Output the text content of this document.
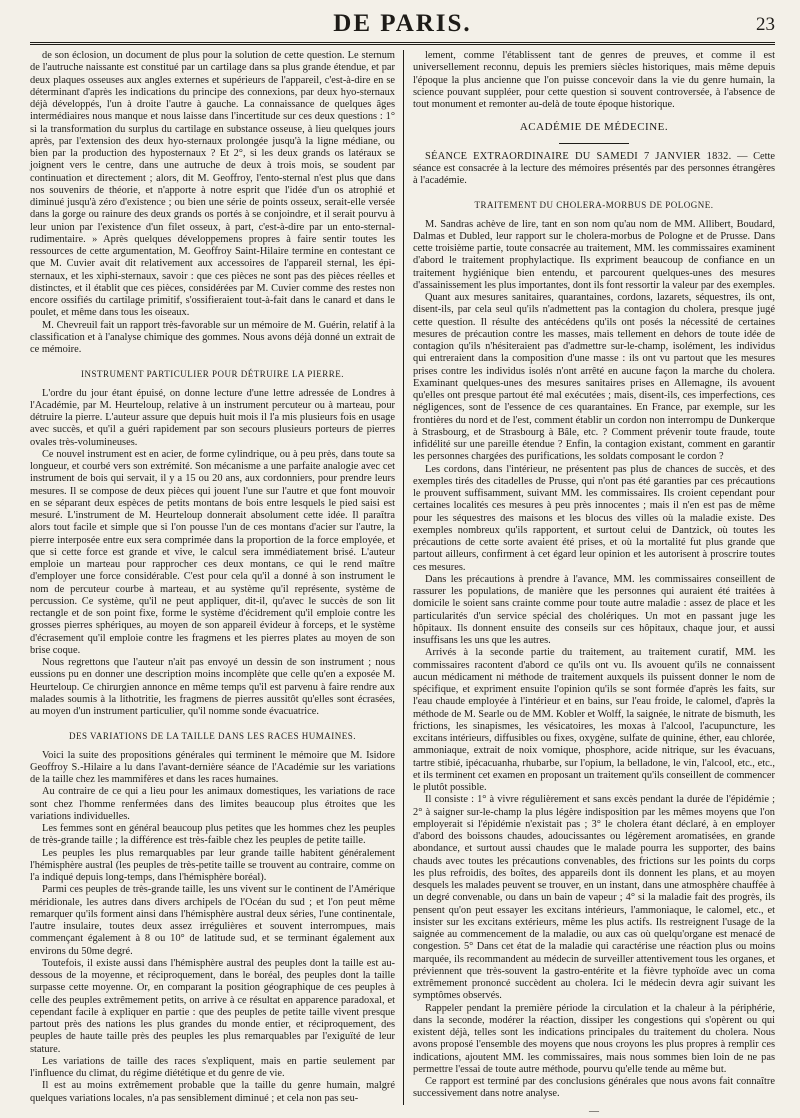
DE PARIS.	23

de son éclosion, un document de plus pour la solution de cette question. Le sternum de l'autruche naissante est constitué par un cartilage dans sa plus grande étendue, et par deux plaques osseuses aux angles externes et supérieurs de l'appareil, c'est-à-dire en se déterminant d'après les indications du principe des connexions, par deux hyo-sternaux déjà développés, l'un à droite l'autre à gauche. La connaissance de quelques âges intermédiaires nous manque et nous laisse dans l'incertitude sur ces deux questions : 1° si la transformation du surplus du cartilage en substance osseuse, à lieu quelques jours après, par l'extension des deux hyo-sternaux prolongée jusqu'à la ligne médiane, ou bien par la production des hyposternaux ? Et 2°, si les deux grands os latéraux se joignent vers le centre, dans une autruche de deux à trois mois, se soudent par continuation et directement ; alors, dit M. Geoffroy, l'ento-sternal n'est plus que dans nos souvenirs de théorie, et n'apporte à notre esprit que l'idée d'un os atrophié et diminué jusqu'à zéro d'existence ; ou bien une série de points osseux, serait-elle versée dans la gorge ou rainure des deux grands os portés à se conjoindre, et il serait pourvu à leur union par l'existence d'un filet osseux, à part, c'est-à-dire par un ento-sternal-rudimentaire. » Après quelques développemens propres à faire sentir toutes les ressources de cette argumentation, M. Geoffroy Saint-Hilaire termine en contestant ce que M. Cuvier avait dit relativement aux accessoires de l'appareil sternal, les épi-sternaux, et les xiphi-sternaux, savoir : que ces pièces ne sont pas des pièces réelles et distinctes, et il établit que ces pièces, considérées par M. Cuvier comme des restes non encore ossifiés du cartilage primitif, s'ossifieraient tout-à-fait dans le canard et dans le poulet, et même dans tous les oiseaux.

M. Chevreuil fait un rapport très-favorable sur un mémoire de M. Guérin, relatif à la classification et à l'analyse chimique des gommes. Nous avons déjà donné un extrait de ce mémoire.

INSTRUMENT PARTICULIER POUR DÉTRUIRE LA PIERRE.

L'ordre du jour étant épuisé, on donne lecture d'une lettre adressée de Londres à l'Académie, par M. Heurteloup, relative à un instrument percuteur ou à marteau, pour détruire la pierre. L'auteur assure que depuis huit mois il l'a mis plusieurs fois en usage avec succès, et qu'il a guéri rapidement par son secours plusieurs porteurs de pierres ovales très-volumineuses.

Ce nouvel instrument est en acier, de forme cylindrique, ou à peu près, dans toute sa longueur, et courbé vers son extrémité. Son mécanisme a une parfaite analogie avec cet instrument de bois qui servait, il y a 15 ou 20 ans, aux cordonniers, pour prendre leurs mesures. Il se compose de deux pièces qui jouent l'une sur l'autre et que font mouvoir en se séparant deux espèces de petits montans de bois entre lesquels le pied saisi est mesuré. L'instrument de M. Heurteloup donnerait absolument cette idée. Il paraîtra alors tout facile et simple que si l'on pousse l'un de ces montans d'acier sur l'autre, la pierre interposée entre eux sera comprimée dans la proportion de la force employée, et que si cette force est grande et vive, le calcul sera immédiatement brisé. L'auteur emploie un marteau pour rapprocher ces deux montans, ce qui le rend maître d'employer une force considérable. C'est pour cela qu'il a donné à son instrument le nom de percuteur courbe à marteau, et au système qu'il représente, système de percussion. Ce système, qu'il ne peut appliquer, dit-il, qu'avec le succès de son lit rectangle et de son point fixe, forme le système d'écidrement qu'il emploie contre les grosses pierres sphériques, au moyen de son appareil évideur à forceps, et le système d'écrasement qu'il emploie contre les fragmens et les pierres plates au moyen de son brise coque.

Nous regrettons que l'auteur n'ait pas envoyé un dessin de son instrument ; nous eussions pu en donner une description moins incomplète que celle qu'en a exposée M. Heurteloup. Ce chirurgien annonce en même temps qu'il est parvenu à faire rendre aux malades soumis à la lithotritie, les fragmens de pierres aussitôt qu'elles sont écrasées, au moyen d'un instrument particulier, qu'il nomme sonde évacuatrice.

DES VARIATIONS DE LA TAILLE DANS LES RACES HUMAINES.

Voici la suite des propositions générales qui terminent le mémoire que M. Isidore Geoffroy S.-Hilaire a lu dans l'avant-dernière séance de l'Académie sur les variations de la taille chez les mammifères et dans les races humaines.

Au contraire de ce qui a lieu pour les animaux domestiques, les variations de race sont chez l'homme renfermées dans des limites beaucoup plus étroites que les variations individuelles.

Les femmes sont en général beaucoup plus petites que les hommes chez les peuples de très-grande taille ; la différence est très-faible chez les peuples de petite taille.

Les peuples les plus remarquables par leur grande taille habitent généralement l'hémisphère austral (les peuples de très-petite taille se trouvent au contraire, comme on l'a indiqué depuis long-temps, dans l'hémisphère boréal).

Parmi ces peuples de très-grande taille, les uns vivent sur le continent de l'Amérique méridionale, les autres dans divers archipels de l'Océan du sud ; et l'on peut même remarquer qu'ils forment ainsi dans l'hémisphère austral deux séries, l'une continentale, l'autre insulaire, toutes deux assez irrégulières et souvent interrompues, mais commençant également à 8 ou 10° de latitude sud, et se terminant également aux environs du 50me degré.

Toutefois, il existe aussi dans l'hémisphère austral des peuples dont la taille est au-dessous de la moyenne, et réciproquement, dans le boréal, des peuples dont la taille surpasse cette moyenne. Or, en comparant la position géographique de ces peuples à celle des peuples extrêmement petits, on arrive à ce résultat en apparence paradoxal, et cependant facile à expliquer en partie : que des peuples de petite taille vivent presque partout près des nations les plus grandes du monde entier, et réciproquement, des peuples de haute taille près des peuples les plus remarquables par l'exiguïté de leur stature.

Les variations de taille des races s'expliquent, mais en partie seulement par l'influence du climat, du régime diététique et du genre de vie.

Il est au moins extrêmement probable que la taille du genre humain, malgré quelques variations locales, n'a pas sensiblement diminué ; et cela non pas seu-

lement, comme l'établissent tant de genres de preuves, et comme il est universellement reconnu, depuis les premiers siècles historiques, mais même depuis l'époque la plus ancienne que l'on puisse concevoir dans la vie du genre humain, la science pouvant suppléer, pour cette question si souvent controversée, à l'absence de tout monument et remonter au-delà de toute époque historique.

ACADÉMIE DE MÉDECINE.

SÉANCE EXTRAORDINAIRE DU SAMEDI 7 JANVIER 1832. — Cette séance est consacrée à la lecture des mémoires présentés par des personnes étrangères à l'académie.

TRAITEMENT DU CHOLERA-MORBUS DE POLOGNE.

M. Sandras achève de lire, tant en son nom qu'au nom de MM. Allibert, Boudard, Dalmas et Dubled, leur rapport sur le cholera-morbus de Pologne et de Prusse. Dans cette troisième partie, toute consacrée au traitement, MM. les commissaires examinent d'abord le traitement prophylactique. Ils expriment beaucoup de confiance en un traitement hygiénique bien entendu, et parcourent quelques-unes des mesures d'assainissement les plus importantes, dont ils font ressortir la valeur par des exemples.

Quant aux mesures sanitaires, quarantaines, cordons, lazarets, séquestres, ils ont, disent-ils, par cela seul qu'ils n'admettent pas la contagion du cholera, presque jugé cette question. Il résulte des antécédens qu'ils ont posés la nécessité de certaines mesures de précaution contre les masses, mais tellement en dehors de toute idée de contagion qu'ils n'hésiteraient pas d'admettre sur-le-champ, isolément, les individus qui entreraient dans la composition d'une masse : ils ont vu partout que les mesures prises contre les individus isolés n'ont arrêté en aucune façon la marche du cholera. Examinant quelques-unes des mesures sanitaires prises en Allemagne, ils avouent qu'elles ont presque partout été mal exécutées ; mais, disent-ils, ces imperfections, ces négligences, sont de l'essence de ces quarantaines. En France, par exemple, sur les frontières du nord et de l'est, comment établir un cordon non interrompu de Dunkerque à Strasbourg, et de Strasbourg à Bâle, etc. ? Comment prévenir toute fraude, toute infidélité sur une pareille étendue ? Enfin, la contagion existant, comment en garantir les personnes chargées des purifications, les soldats composant le cordon ?

Les cordons, dans l'intérieur, ne présentent pas plus de chances de succès, et des exemples tirés des citadelles de Prusse, qui n'ont pas été garanties par ces précautions le prouvent suffisamment, suivant MM. les commissaires. Ils croient cependant pour certaines localités ces mesures à peu près innocentes ; mais il n'en est pas de même pour les séquestres des maisons et les blocus des villes où la maladie existe. Des exemples nombreux qu'ils rapportent, et surtout celui de Dantzick, où toutes les précautions de cette sorte avaient été prises, et où la mortalité fut plus grande que partout ailleurs, confirment à cet égard leur opinion et les autorisent à proscrire toutes ces mesures.

Dans les précautions à prendre à l'avance, MM. les commissaires conseillent de rassurer les populations, de manière que les personnes qui auraient été traitées à domicile le soient sans crainte comme pour toute autre maladie : assez de place et les particularités d'un service spécial des cholériques. Un mot en passant juge les hôpitaux. Ils donnent ensuite des conseils sur ces hôpitaux, chaque jour, et aussi insuffisans les uns que les autres.

Arrivés à la seconde partie du traitement, au traitement curatif, MM. les commissaires racontent d'abord ce qu'ils ont vu. Ils avouent qu'ils ne connaissent aucun médicament ni méthode de traitement auxquels ils puissent donner le nom de spécifique, et expriment ensuite l'opinion qu'ils se sont formée d'après les faits, sur l'eau chaude employée à l'intérieur et en bains, sur l'eau froide, le calomel, d'après la méthode de M. Searle ou de MM. Kobler et Wolff, la saignée, le nitrate de bismuth, les frictions, les sinapismes, les vésicatoires, les moxas à l'alcool, l'acupuncture, les excitans intérieurs, diffusibles ou fixes, oxygène, sulfate de quinine, éther, eau chlorée, ammoniaque, extrait de noix vomique, phosphore, acide nitrique, sur les évacuans, tartre stibié, ipécacuanha, rhubarbe, sur l'opium, la belladone, le vin, l'alcool, etc., etc., et ils terminent cet examen en proposant un traitement qu'ils conseillent de commencer le plutôt possible.

Il consiste : 1° à vivre régulièrement et sans excès pendant la durée de l'épidémie ; 2° à saigner sur-le-champ la plus légère indisposition par les mêmes moyens que l'on employerait si l'épidémie n'existait pas ; 3° le cholera étant déclaré, à en employer d'abord des boissons chaudes, adoucissantes ou légèrement aromatisées, en grande abondance, et surtout aussi chaudes que le malade pourra les supporter, des bains chauds avec toutes les précautions convenables, des frictions sur les points du corps les plus refroidis, des boîtes, des appareils dont ils donnent les plans, et au moyen desquels les malades peuvent se trouver, en un instant, dans une atmosphère chauffée à un degré convenable, ou dans un bain de vapeur ; 4° si la maladie fait des progrès, ils pensent qu'on peut essayer les excitans intérieurs, l'ammoniaque, le calomel, etc., et insister sur les excitans extérieurs, même les plus actifs. Ils restreignent l'usage de la saignée au commencement de la maladie, ou aux cas où quelqu'organe est menacé de congestion. 5° Dans cet état de la maladie qui caractérise une réaction plus ou moins marquée, ils recommandent au médecin de surveiller attentivement tous les organes, et préviennent que très-souvent la gastro-entérite et la fièvre typhoïde avec un coma extrêmement prononcé succèdent au cholera. Ici le médecin devra agir suivant les symptômes observés.

Rappeler pendant la première période la circulation et la chaleur à la périphérie, dans la seconde, modérer la réaction, dissiper les congestions qui s'opèrent ou qui existent déjà, telles sont les indications principales du traitement du cholera. Nous avons proposé l'ensemble des moyens que nous croyons les plus propres à remplir ces indications, ajoutent MM. les commissaires, mais nous sommes bien loin de ne pas permettre l'essai de toute autre méthode, pourvu qu'elle tende au même but.

Ce rapport est terminé par des conclusions générales que nous avons fait connaître successivement dans notre analyse.

—
